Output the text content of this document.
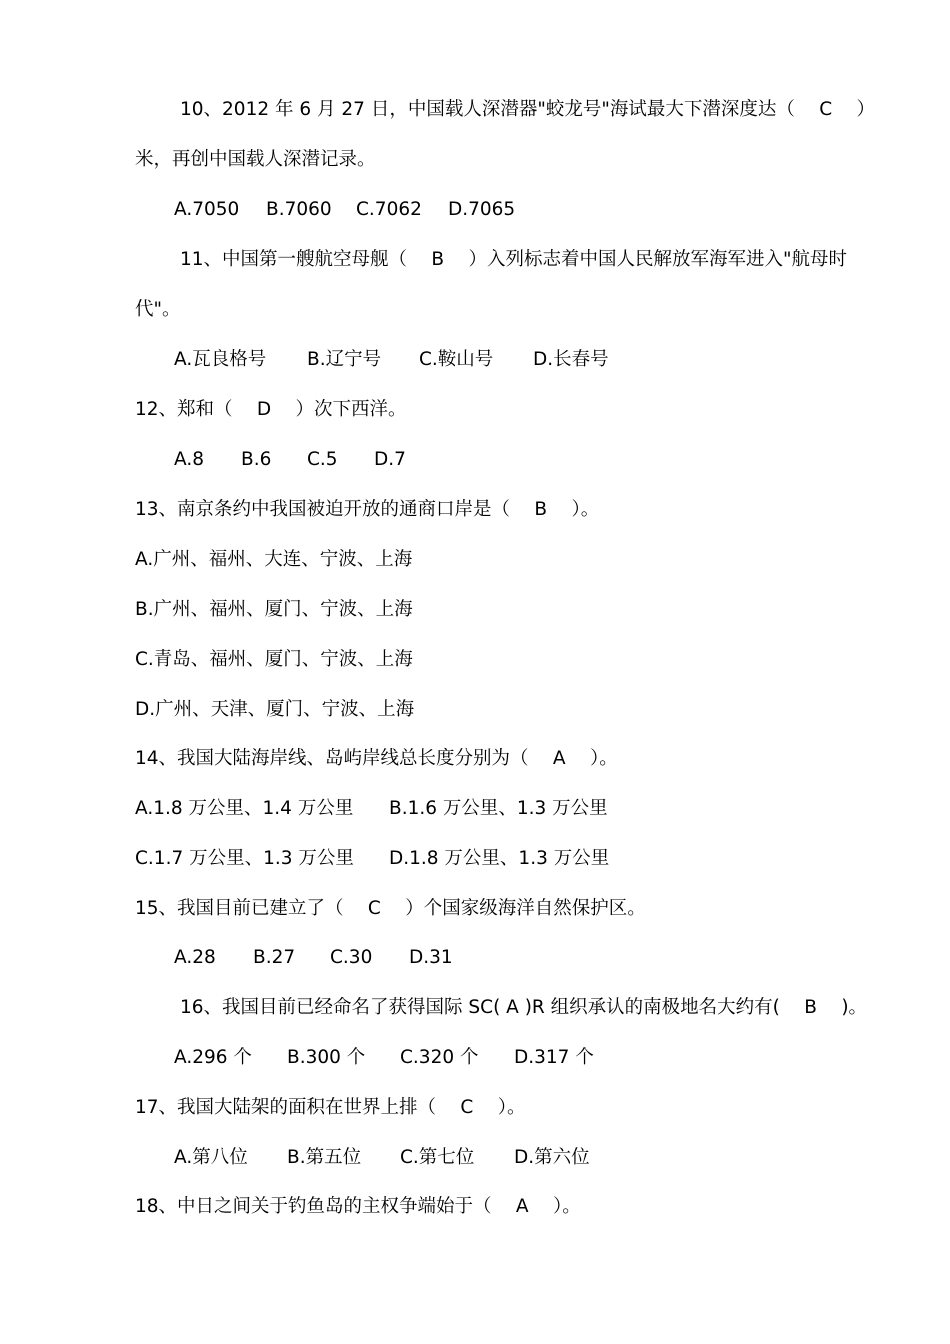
10、2012 年 6 月 27 日，中国载人深潜器"蛟龙号"海试最大下潜深度达（　 C　 ）
米，再创中国载人深潜记录。
A.7050	B.7060	C.7062	D.7065
11、中国第一艘航空母舰（　 B　 ）入列标志着中国人民解放军海军进入"航母时
代"。
A.瓦良格号	B.辽宁号	C.鞍山号	D.长春号
12、郑和（　 D　 ）次下西洋。
A.8	B.6	C.5	D.7
13、南京条约中我国被迫开放的通商口岸是（　 B　 ）。
A.广州、福州、大连、宁波、上海
B.广州、福州、厦门、宁波、上海
C.青岛、福州、厦门、宁波、上海
D.广州、天津、厦门、宁波、上海
14、我国大陆海岸线、岛屿岸线总长度分别为（　 A　 ）。
A.1.8 万公里、1.4 万公里	B.1.6 万公里、1.3 万公里
C.1.7 万公里、1.3 万公里	D.1.8 万公里、1.3 万公里
15、我国目前已建立了（　 C　 ）个国家级海洋自然保护区。
A.28	B.27	C.30	D.31
16、我国目前已经命名了获得国际 SC( A )R 组织承认的南极地名大约有(　 B　 )。
A.296 个	B.300 个	C.320 个	D.317 个
17、我国大陆架的面积在世界上排（　 C　 ）。
A.第八位	B.第五位	C.第七位	D.第六位
18、中日之间关于钓鱼岛的主权争端始于（　 A　 ）。
